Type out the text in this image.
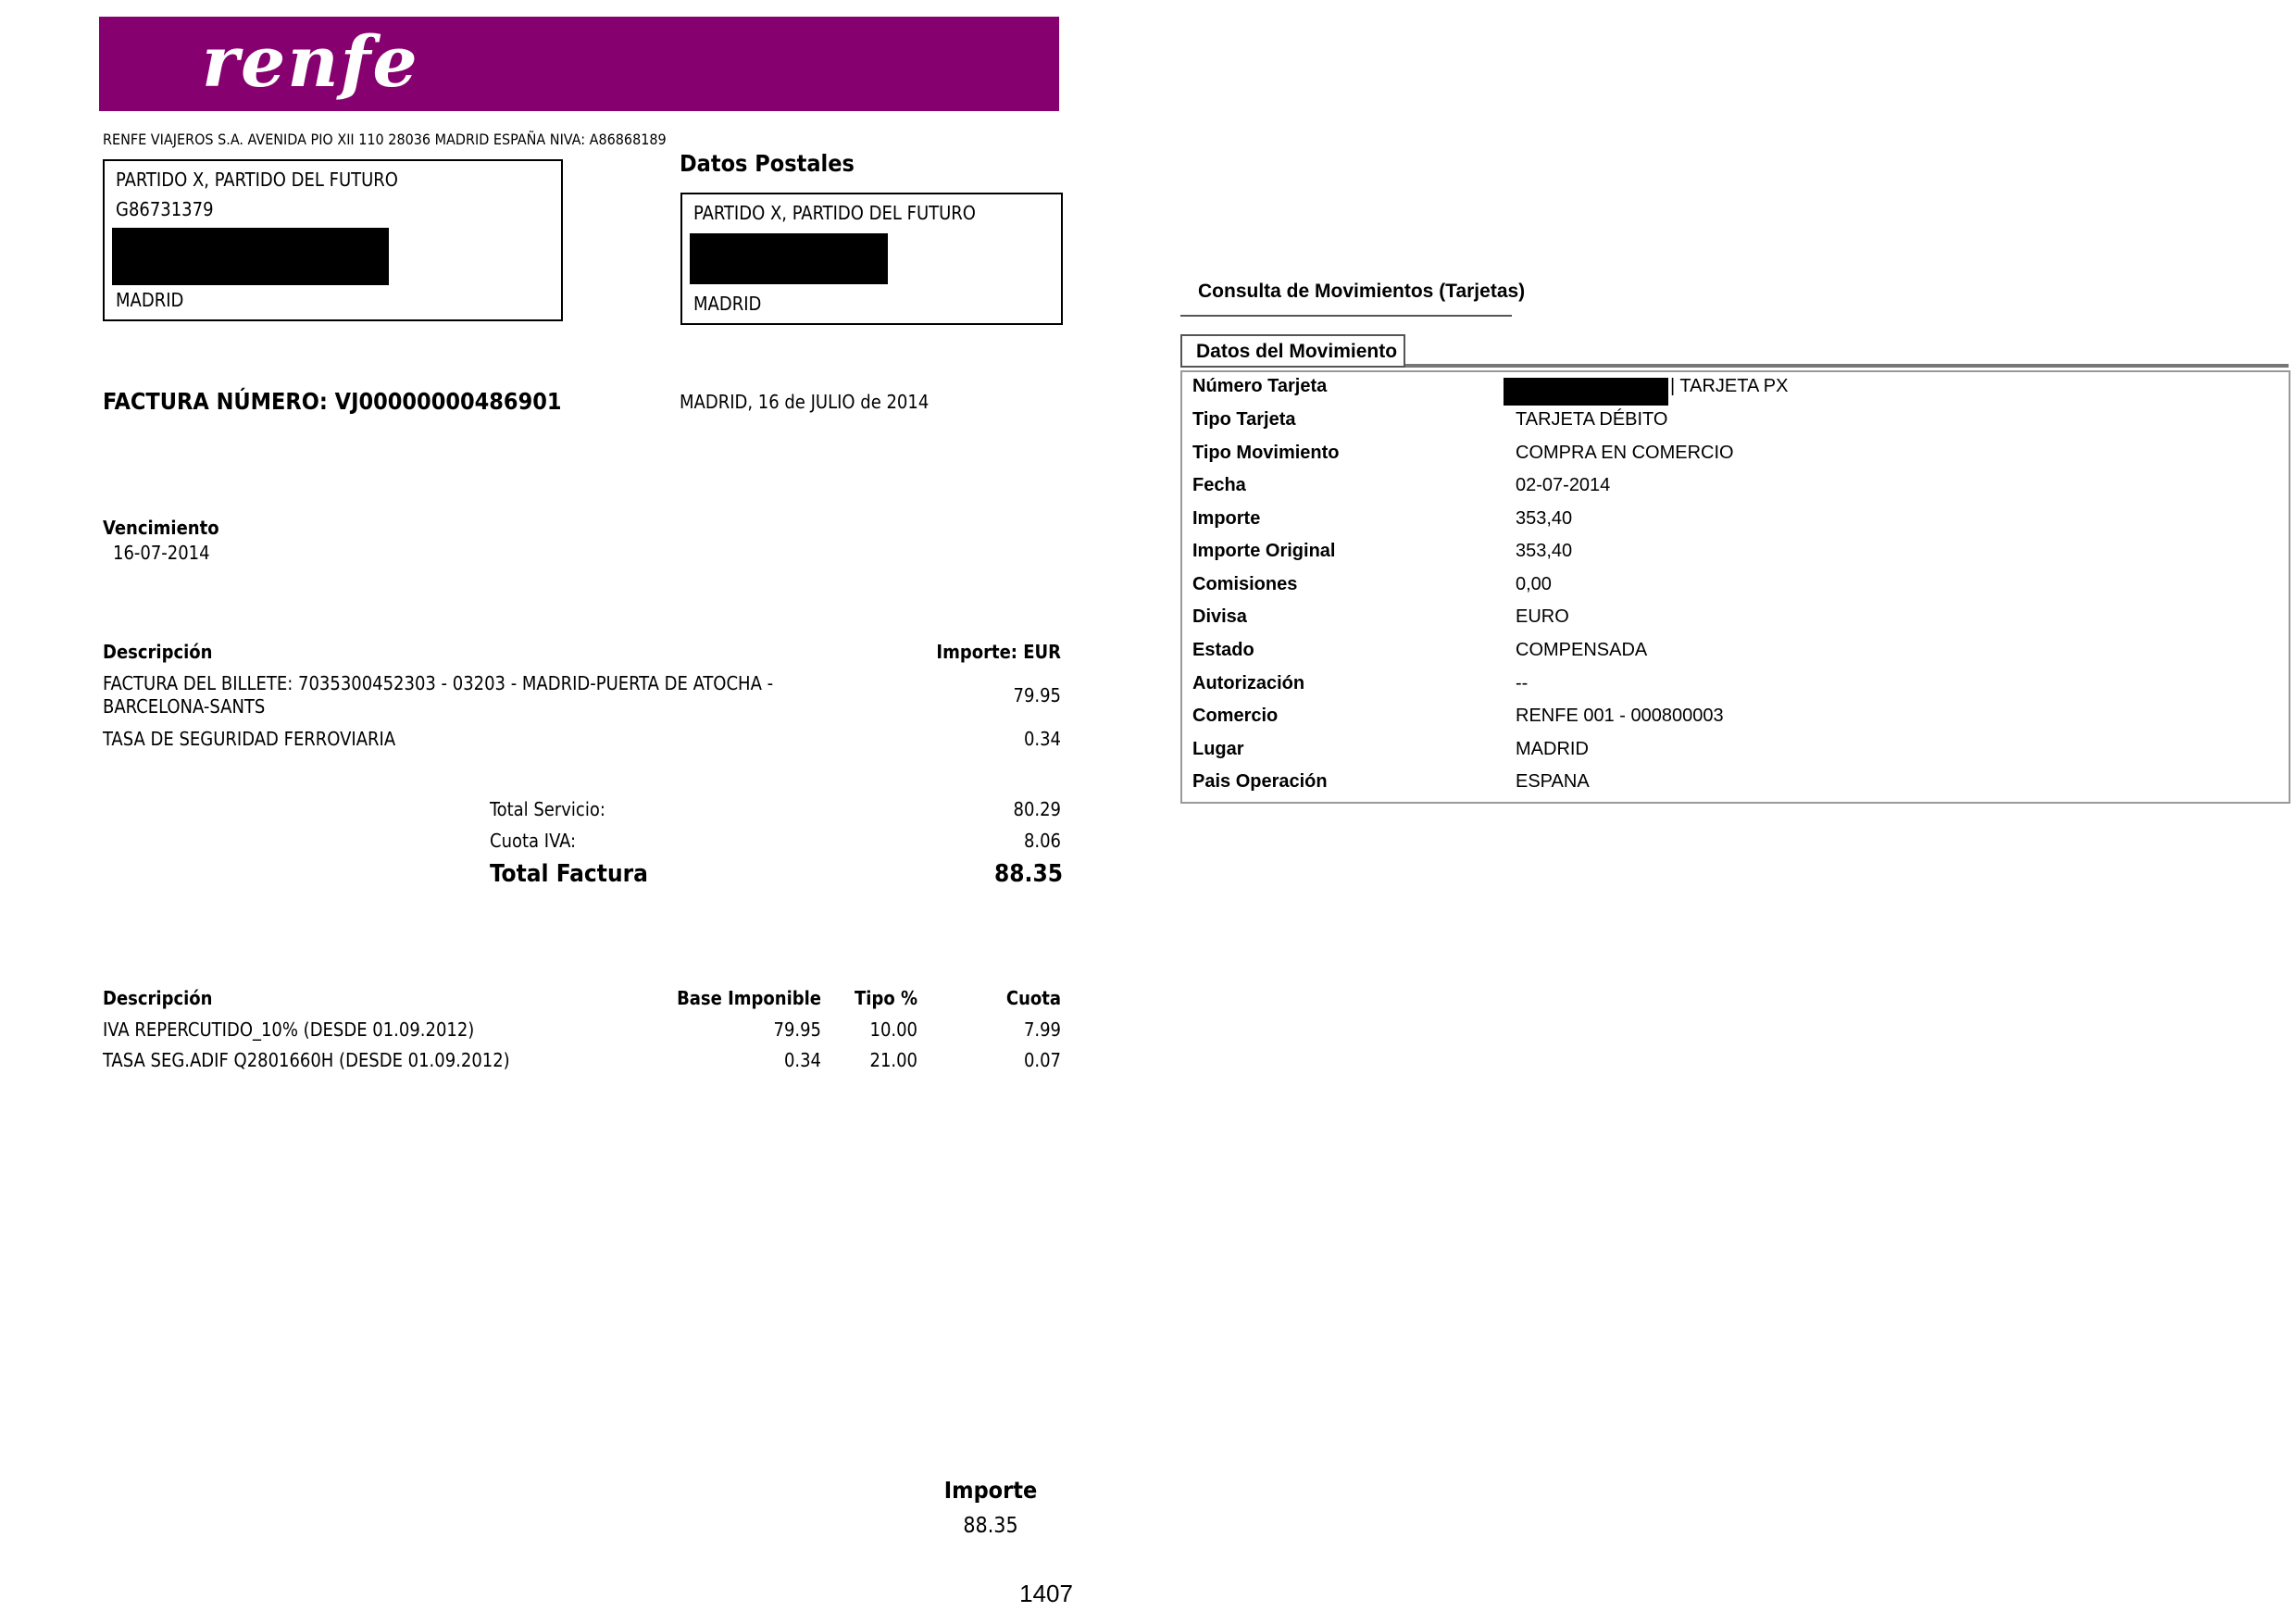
renfe
RENFE VIAJEROS S.A. AVENIDA PIO XII 110 28036 MADRID ESPAÑA NIVA: A86868189
PARTIDO X, PARTIDO DEL FUTURO
G86731379
MADRID
Datos Postales
PARTIDO X, PARTIDO DEL FUTURO
MADRID
FACTURA NÚMERO: VJ00000000486901	MADRID, 16 de JULIO de 2014
Vencimiento
16-07-2014
Descripción	Importe: EUR
FACTURA DEL BILLETE: 7035300452303 - 03203 - MADRID-PUERTA DE ATOCHA -
BARCELONA-SANTS	79.95
TASA DE SEGURIDAD FERROVIARIA	0.34
Total Servicio:	80.29
Cuota IVA:	8.06
Total Factura	88.35
Descripción	Base Imponible	Tipo %	Cuota
IVA REPERCUTIDO_10% (DESDE 01.09.2012)	79.95	10.00	7.99
TASA SEG.ADIF Q2801660H (DESDE 01.09.2012)	0.34	21.00	0.07
Importe
88.35
1407
Consulta de Movimientos (Tarjetas)
Datos del Movimiento
Número Tarjeta	| TARJETA PX
Tipo Tarjeta	TARJETA DÉBITO
Tipo Movimiento	COMPRA EN COMERCIO
Fecha	02-07-2014
Importe	353,40
Importe Original	353,40
Comisiones	0,00
Divisa	EURO
Estado	COMPENSADA
Autorización	--
Comercio	RENFE 001 - 000800003
Lugar	MADRID
Pais Operación	ESPANA
